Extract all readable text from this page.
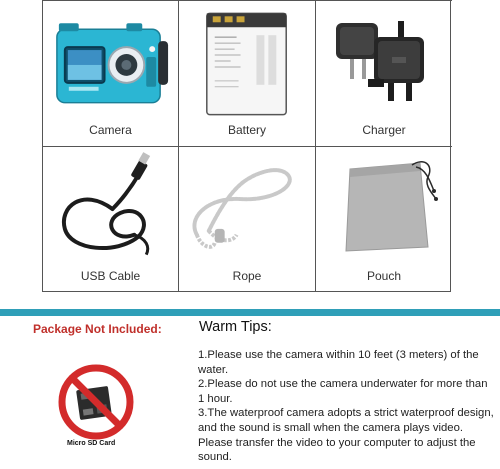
Camera	Battery	Charger
USB Cable	Rope	Pouch
Package Not Included:
Micro SD Card
Warm Tips:
1.Please use the camera within 10 feet (3 meters) of the water.
2.Please do not use the camera underwater for more than 1 hour.
3.The waterproof camera adopts a strict waterproof design, and the sound is small when the camera plays video. Please transfer the video to your computer to adjust the sound.
